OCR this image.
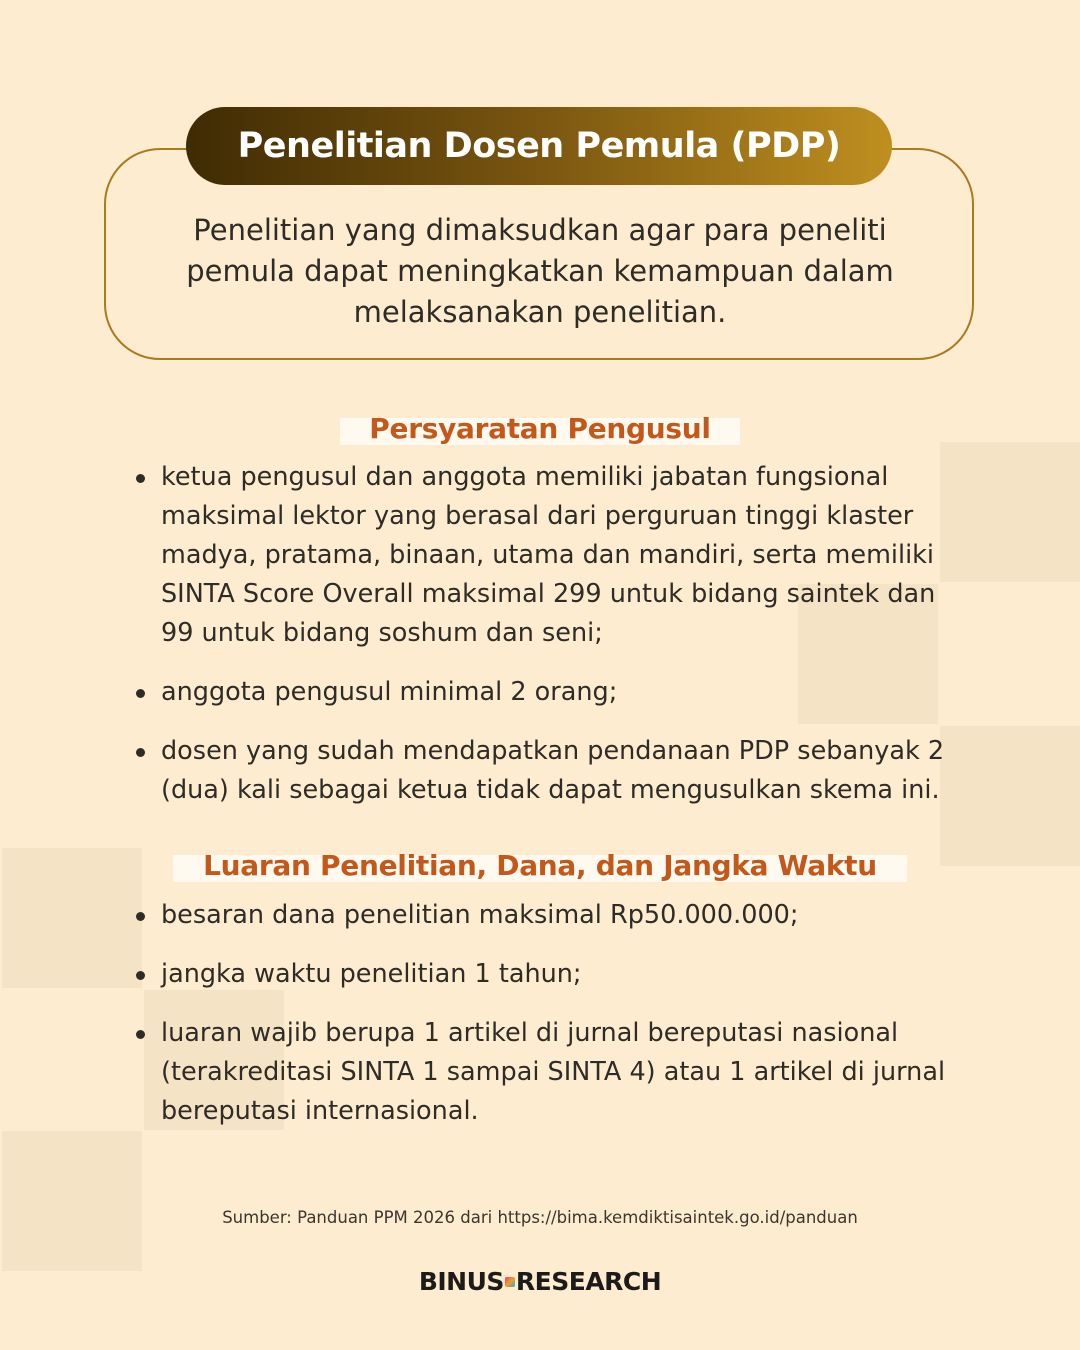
Penelitian Dosen Pemula (PDP)
Penelitian yang dimaksudkan agar para peneliti pemula dapat meningkatkan kemampuan dalam melaksanakan penelitian.
Persyaratan Pengusul
ketua pengusul dan anggota memiliki jabatan fungsional maksimal lektor yang berasal dari perguruan tinggi klaster madya, pratama, binaan, utama dan mandiri, serta memiliki SINTA Score Overall maksimal 299 untuk bidang saintek dan 99 untuk bidang soshum dan seni;
anggota pengusul minimal 2 orang;
dosen yang sudah mendapatkan pendanaan PDP sebanyak 2 (dua) kali sebagai ketua tidak dapat mengusulkan skema ini.
Luaran Penelitian, Dana, dan Jangka Waktu
besaran dana penelitian maksimal Rp50.000.000;
jangka waktu penelitian 1 tahun;
luaran wajib berupa 1 artikel di jurnal bereputasi nasional (terakreditasi SINTA 1 sampai SINTA 4) atau 1 artikel di jurnal bereputasi internasional.
Sumber: Panduan PPM 2026 dari https://bima.kemdiktisaintek.go.id/panduan
BINUS RESEARCH
